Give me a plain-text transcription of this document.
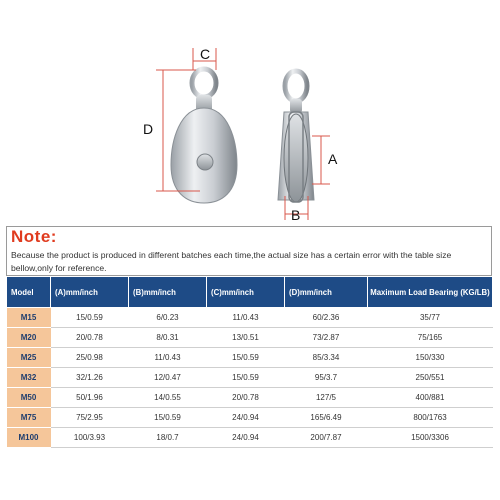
C
D
A
B
Note:
Because the product is produced in different batches each time,the actual size has a certain error with the table size bellow,only for reference.
Model	(A)mm/inch	(B)mm/inch	(C)mm/inch	(D)mm/inch	Maximum Load Bearing (KG/LB)
M15	15/0.59	6/0.23	11/0.43	60/2.36	35/77
M20	20/0.78	8/0.31	13/0.51	73/2.87	75/165
M25	25/0.98	11/0.43	15/0.59	85/3.34	150/330
M32	32/1.26	12/0.47	15/0.59	95/3.7	250/551
M50	50/1.96	14/0.55	20/0.78	127/5	400/881
M75	75/2.95	15/0.59	24/0.94	165/6.49	800/1763
M100	100/3.93	18/0.7	24/0.94	200/7.87	1500/3306
